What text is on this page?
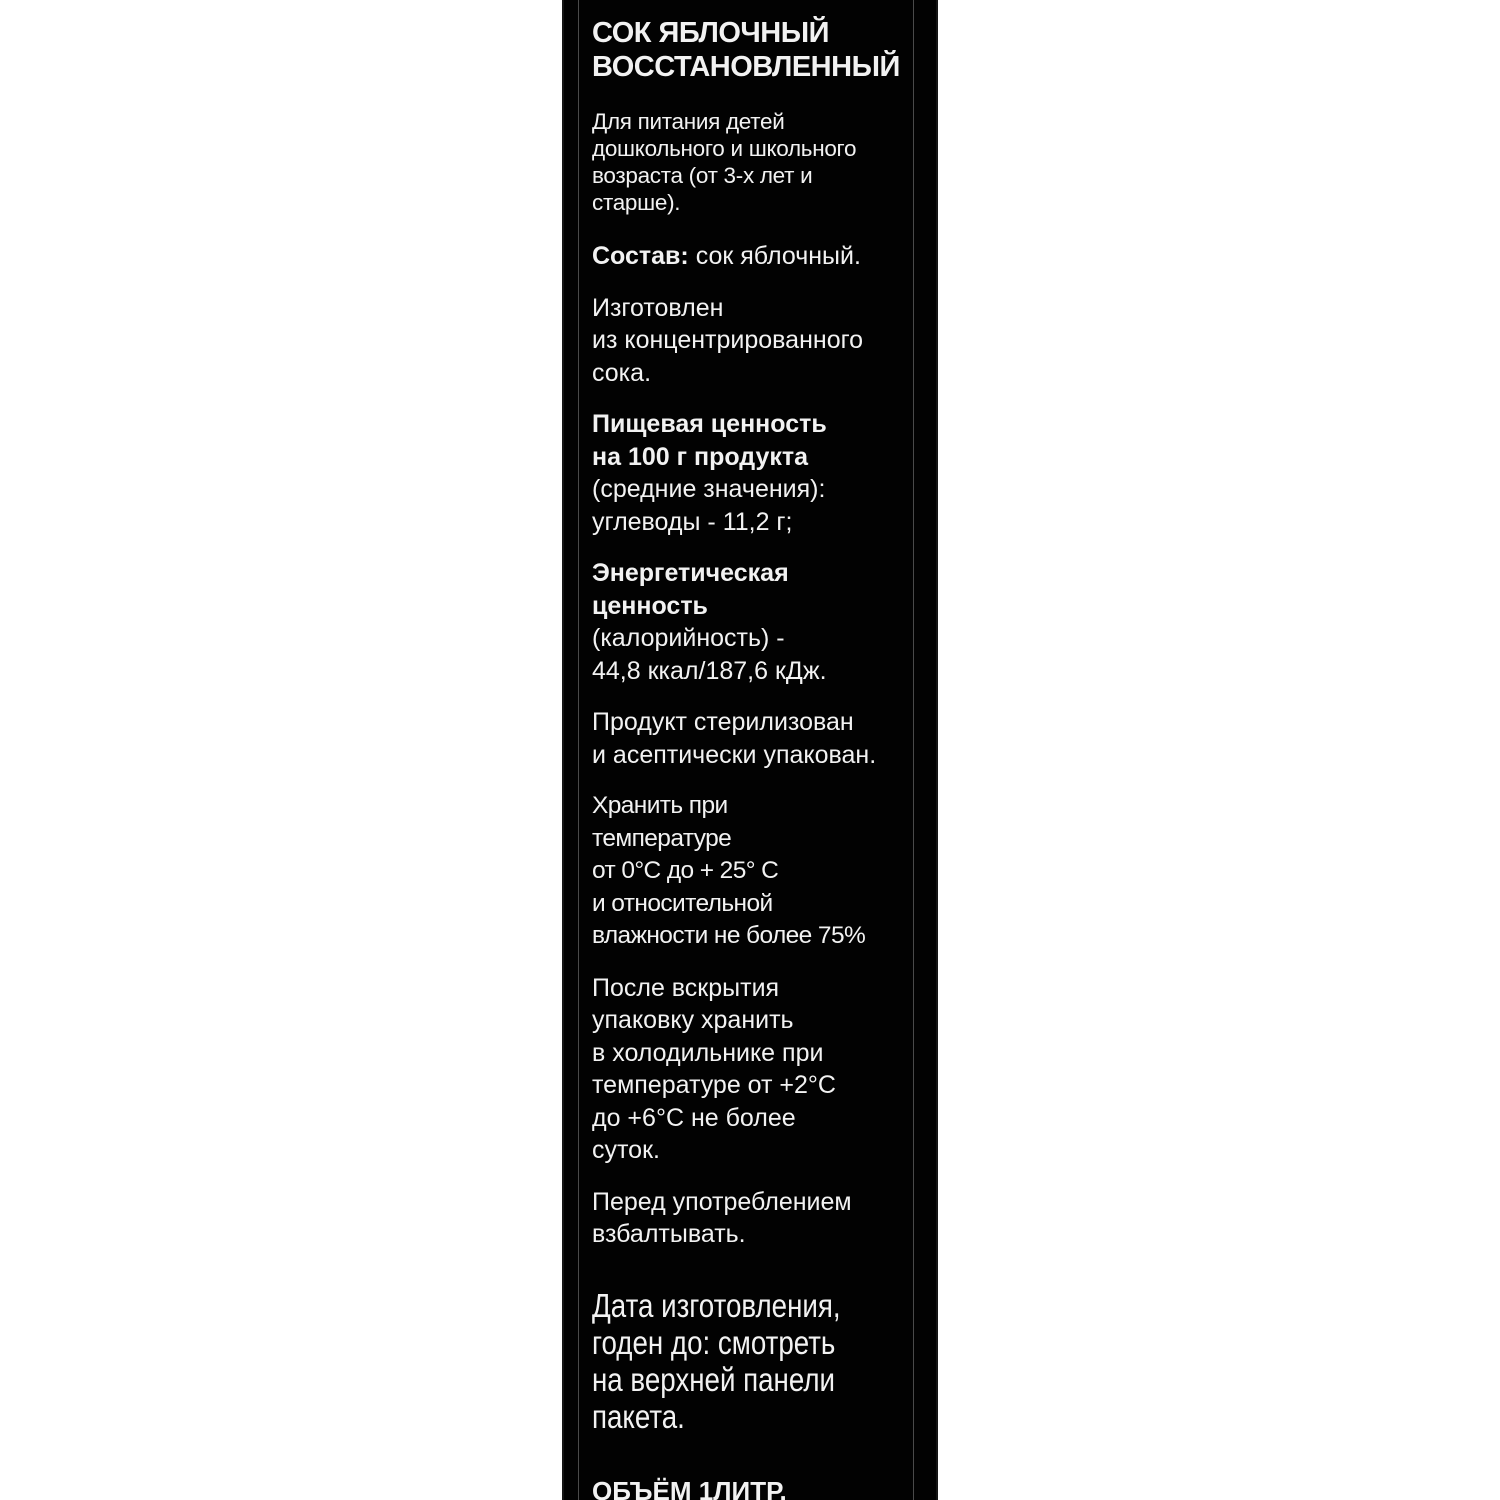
СОК ЯБЛОЧНЫЙ
ВОССТАНОВЛЕННЫЙ
Для питания детей
дошкольного и школьного
возраста (от 3-х лет и
старше).
Состав: сок яблочный.
Изготовлен
из концентрированного
сока.
Пищевая ценность
на 100 г продукта
(средние значения):
углеводы - 11,2 г;
Энергетическая
ценность
(калорийность) -
44,8 ккал/187,6 кДж.
Продукт стерилизован
и асептически упакован.
Хранить при
температуре
от 0°С до + 25° С
и относительной
влажности не более 75%
После вскрытия
упаковку хранить
в холодильнике при
температуре от +2°С
до +6°С не более
суток.
Перед употреблением
взбалтывать.
Дата изготовления,
годен до: смотреть
на верхней панели
пакета.
ОБЪЁМ 1ЛИТР.
